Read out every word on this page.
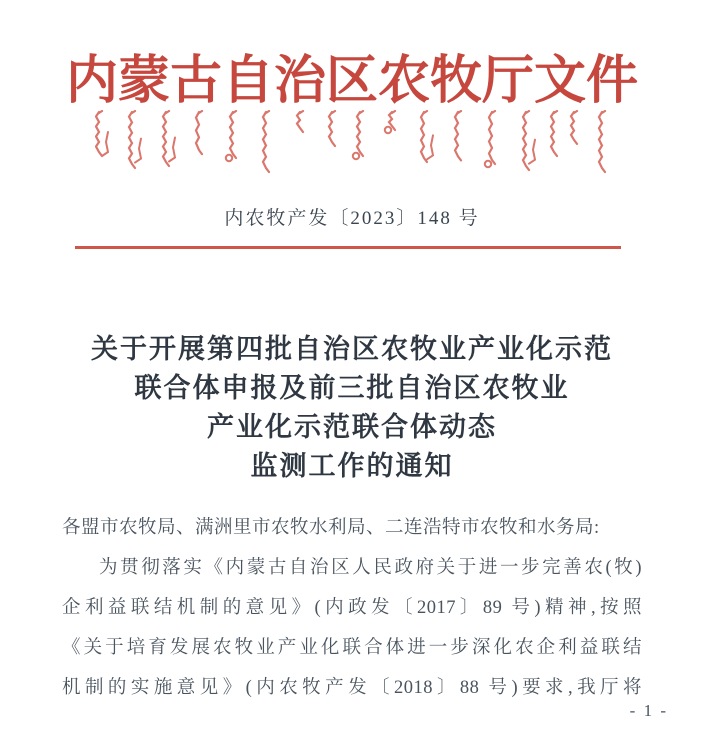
内蒙古自治区农牧厅文件
内农牧产发〔2023〕148 号
关于开展第四批自治区农牧业产业化示范
联合体申报及前三批自治区农牧业
产业化示范联合体动态
监测工作的通知
各盟市农牧局、满洲里市农牧水利局、二连浩特市农牧和水务局:
为贯彻落实《内蒙古自治区人民政府关于进一步完善农(牧)
企利益联结机制的意见》(内政发〔2017〕89 号)精神,按照
《关于培育发展农牧业产业化联合体进一步深化农企利益联结
机制的实施意见》(内农牧产发〔2018〕88 号)要求,我厅将
- 1 -
